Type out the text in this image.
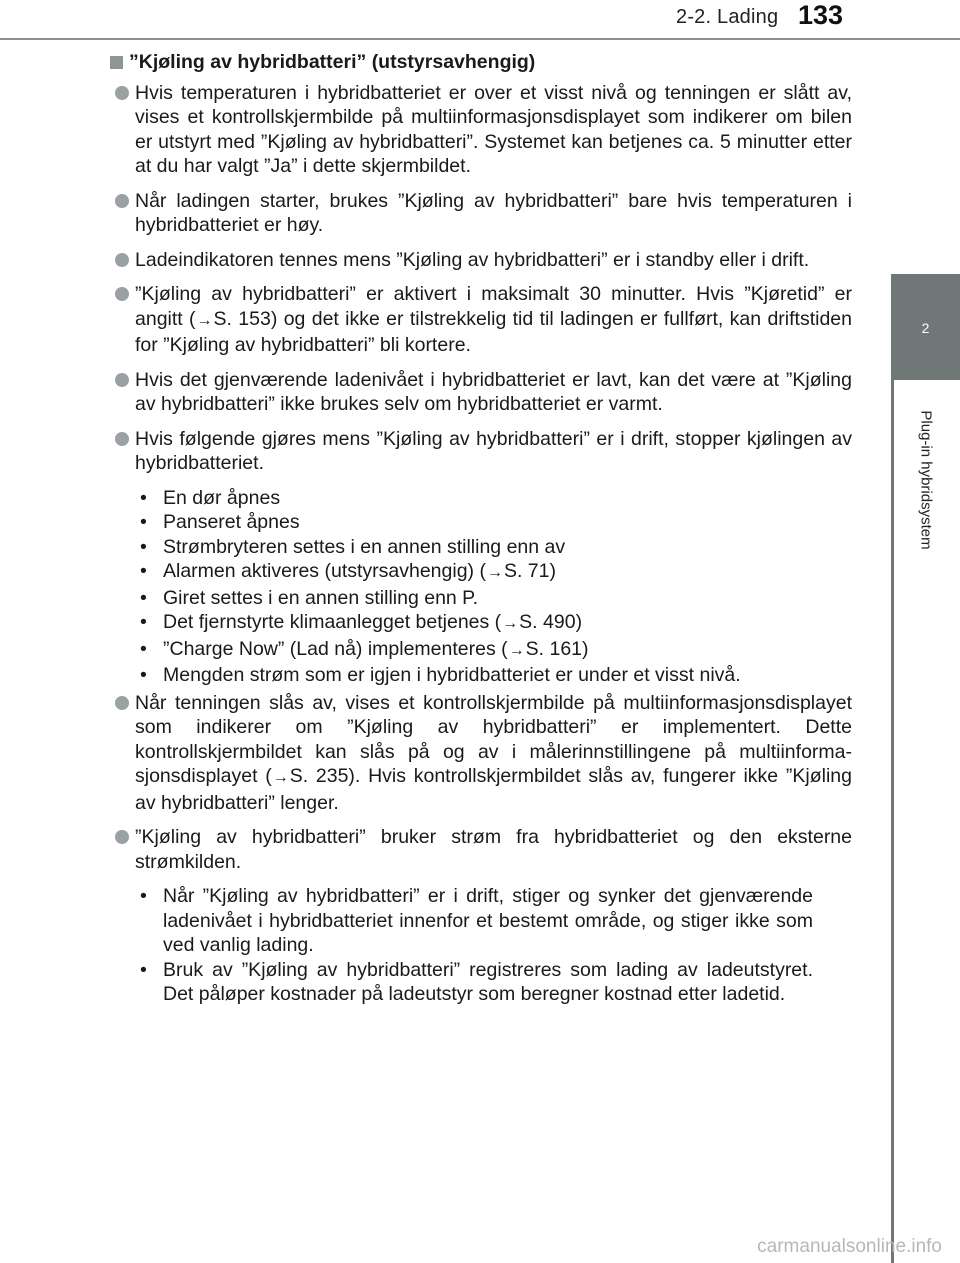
2-2. Lading 133
2
Plug-in hybridsystem
”Kjøling av hybridbatteri” (utstyrsavhengig)
Hvis temperaturen i hybridbatteriet er over et visst nivå og tenningen er slått av, vises et kontrollskjermbilde på multiinformasjonsdisplayet som indikerer om bilen er utstyrt med ”Kjøling av hybridbatteri”. Systemet kan betjenes ca. 5 minutter etter at du har valgt ”Ja” i dette skjermbildet.
Når ladingen starter, brukes ”Kjøling av hybridbatteri” bare hvis temperaturen i hybridbatteriet er høy.
Ladeindikatoren tennes mens ”Kjøling av hybridbatteri” er i standby eller i drift.
”Kjøling av hybridbatteri” er aktivert i maksimalt 30 minutter. Hvis ”Kjøretid” er angitt (→S. 153) og det ikke er tilstrekkelig tid til ladingen er fullført, kan driftstiden for ”Kjøling av hybridbatteri” bli kortere.
Hvis det gjenværende ladenivået i hybridbatteriet er lavt, kan det være at ”Kjøling av hybridbatteri” ikke brukes selv om hybridbatteriet er varmt.
Hvis følgende gjøres mens ”Kjøling av hybridbatteri” er i drift, stopper kjølingen av hybridbatteriet.
• En dør åpnes
• Panseret åpnes
• Strømbryteren settes i en annen stilling enn av
• Alarmen aktiveres (utstyrsavhengig) (→S. 71)
• Giret settes i en annen stilling enn P.
• Det fjernstyrte klimaanlegget betjenes (→S. 490)
• ”Charge Now” (Lad nå) implementeres (→S. 161)
• Mengden strøm som er igjen i hybridbatteriet er under et visst nivå.
Når tenningen slås av, vises et kontrollskjermbilde på multiinformasjonsdisplayet som indikerer om ”Kjøling av hybridbatteri” er implementert. Dette kontrollskjermbildet kan slås på og av i målerinnstillingene på multiinformasjonsdisplayet (→S. 235). Hvis kontrollskjermbildet slås av, fungerer ikke ”Kjøling av hybridbatteri” lenger.
”Kjøling av hybridbatteri” bruker strøm fra hybridbatteriet og den eksterne strømkilden.
• Når ”Kjøling av hybridbatteri” er i drift, stiger og synker det gjenværende ladenivået i hybridbatteriet innenfor et bestemt område, og stiger ikke som ved vanlig lading.
• Bruk av ”Kjøling av hybridbatteri” registreres som lading av ladeutstyret. Det påløper kostnader på ladeutstyr som beregner kostnad etter ladetid.
carmanualsonline.info
